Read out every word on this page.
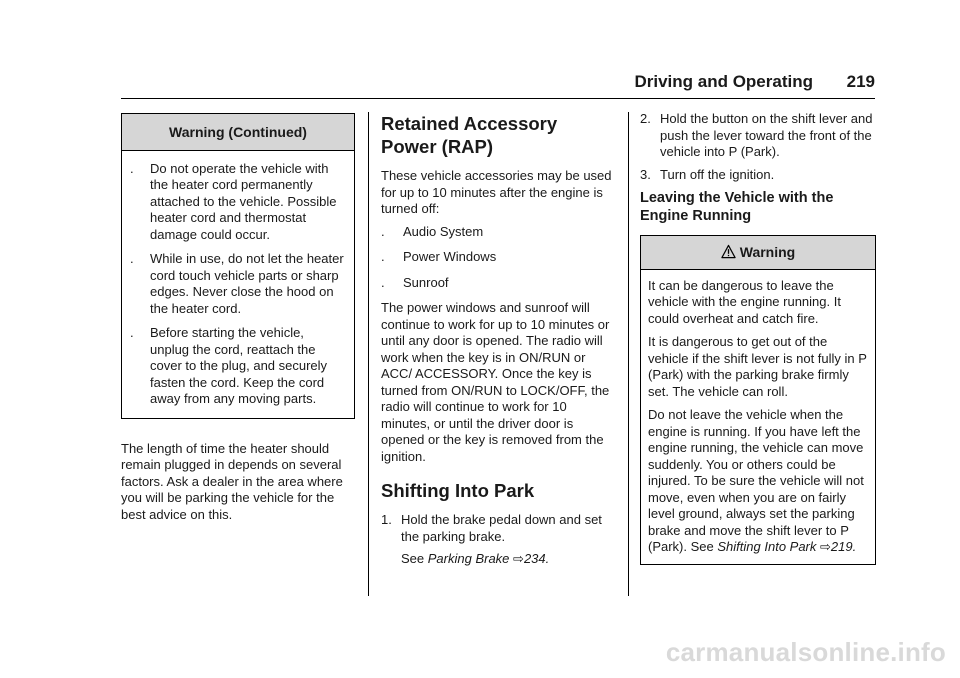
Driving and Operating 219
Warning (Continued)
.	Do not operate the vehicle with the heater cord permanently attached to the vehicle. Possible heater cord and thermostat damage could occur.
.	While in use, do not let the heater cord touch vehicle parts or sharp edges. Never close the hood on the heater cord.
.	Before starting the vehicle, unplug the cord, reattach the cover to the plug, and securely fasten the cord. Keep the cord away from any moving parts.

The length of time the heater should remain plugged in depends on several factors. Ask a dealer in the area where you will be parking the vehicle for the best advice on this.

Retained Accessory Power (RAP)

These vehicle accessories may be used for up to 10 minutes after the engine is turned off:

.	Audio System
.	Power Windows
.	Sunroof

The power windows and sunroof will continue to work for up to 10 minutes or until any door is opened. The radio will work when the key is in ON/RUN or ACC/ ACCESSORY. Once the key is turned from ON/RUN to LOCK/OFF, the radio will continue to work for 10 minutes, or until the driver door is opened or the key is removed from the ignition.

Shifting Into Park
1. Hold the brake pedal down and set the parking brake.

See Parking Brake ⇨234.

2. Hold the button on the shift lever and push the lever toward the front of the vehicle into P (Park).
3. Turn off the ignition.
Leaving the Vehicle with the Engine Running
Warning

It can be dangerous to leave the vehicle with the engine running. It could overheat and catch fire.

It is dangerous to get out of the vehicle if the shift lever is not fully in P (Park) with the parking brake firmly set. The vehicle can roll.

Do not leave the vehicle when the engine is running. If you have left the engine running, the vehicle can move suddenly. You or others could be injured. To be sure the vehicle will not move, even when you are on fairly level ground, always set the parking brake and move the shift lever to P (Park). See Shifting Into Park ⇨219.

carmanualsonline.info
